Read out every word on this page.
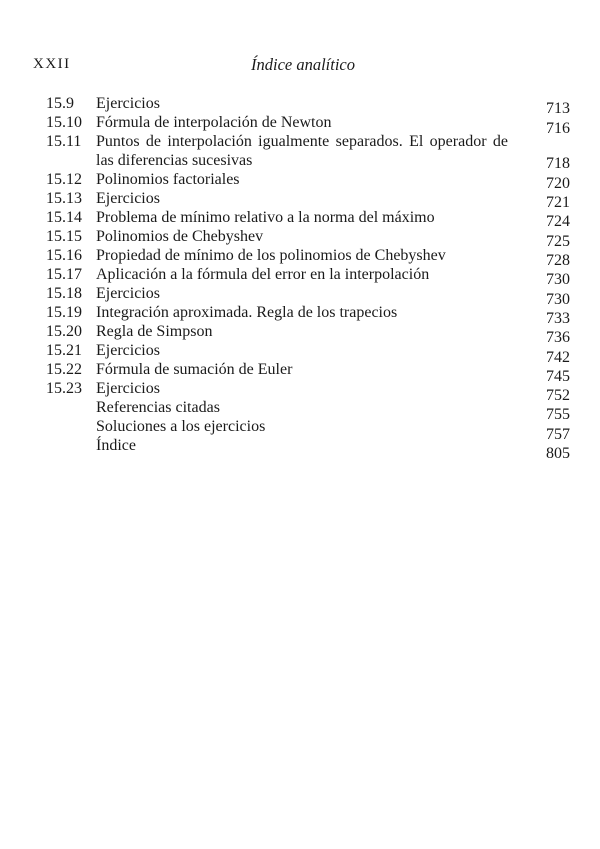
XXII	Índice analítico
15.9 Ejercicios	713
15.10 Fórmula de interpolación de Newton	716
15.11 Puntos de interpolación igualmente separados. El operador de las diferencias sucesivas	718
15.12 Polinomios factoriales	720
15.13 Ejercicios	721
15.14 Problema de mínimo relativo a la norma del máximo	724
15.15 Polinomios de Chebyshev	725
15.16 Propiedad de mínimo de los polinomios de Chebyshev	728
15.17 Aplicación a la fórmula del error en la interpolación	730
15.18 Ejercicios	730
15.19 Integración aproximada. Regla de los trapecios	733
15.20 Regla de Simpson	736
15.21 Ejercicios	742
15.22 Fórmula de sumación de Euler	745
15.23 Ejercicios	752
Referencias citadas	755
Soluciones a los ejercicios	757
Índice	805
